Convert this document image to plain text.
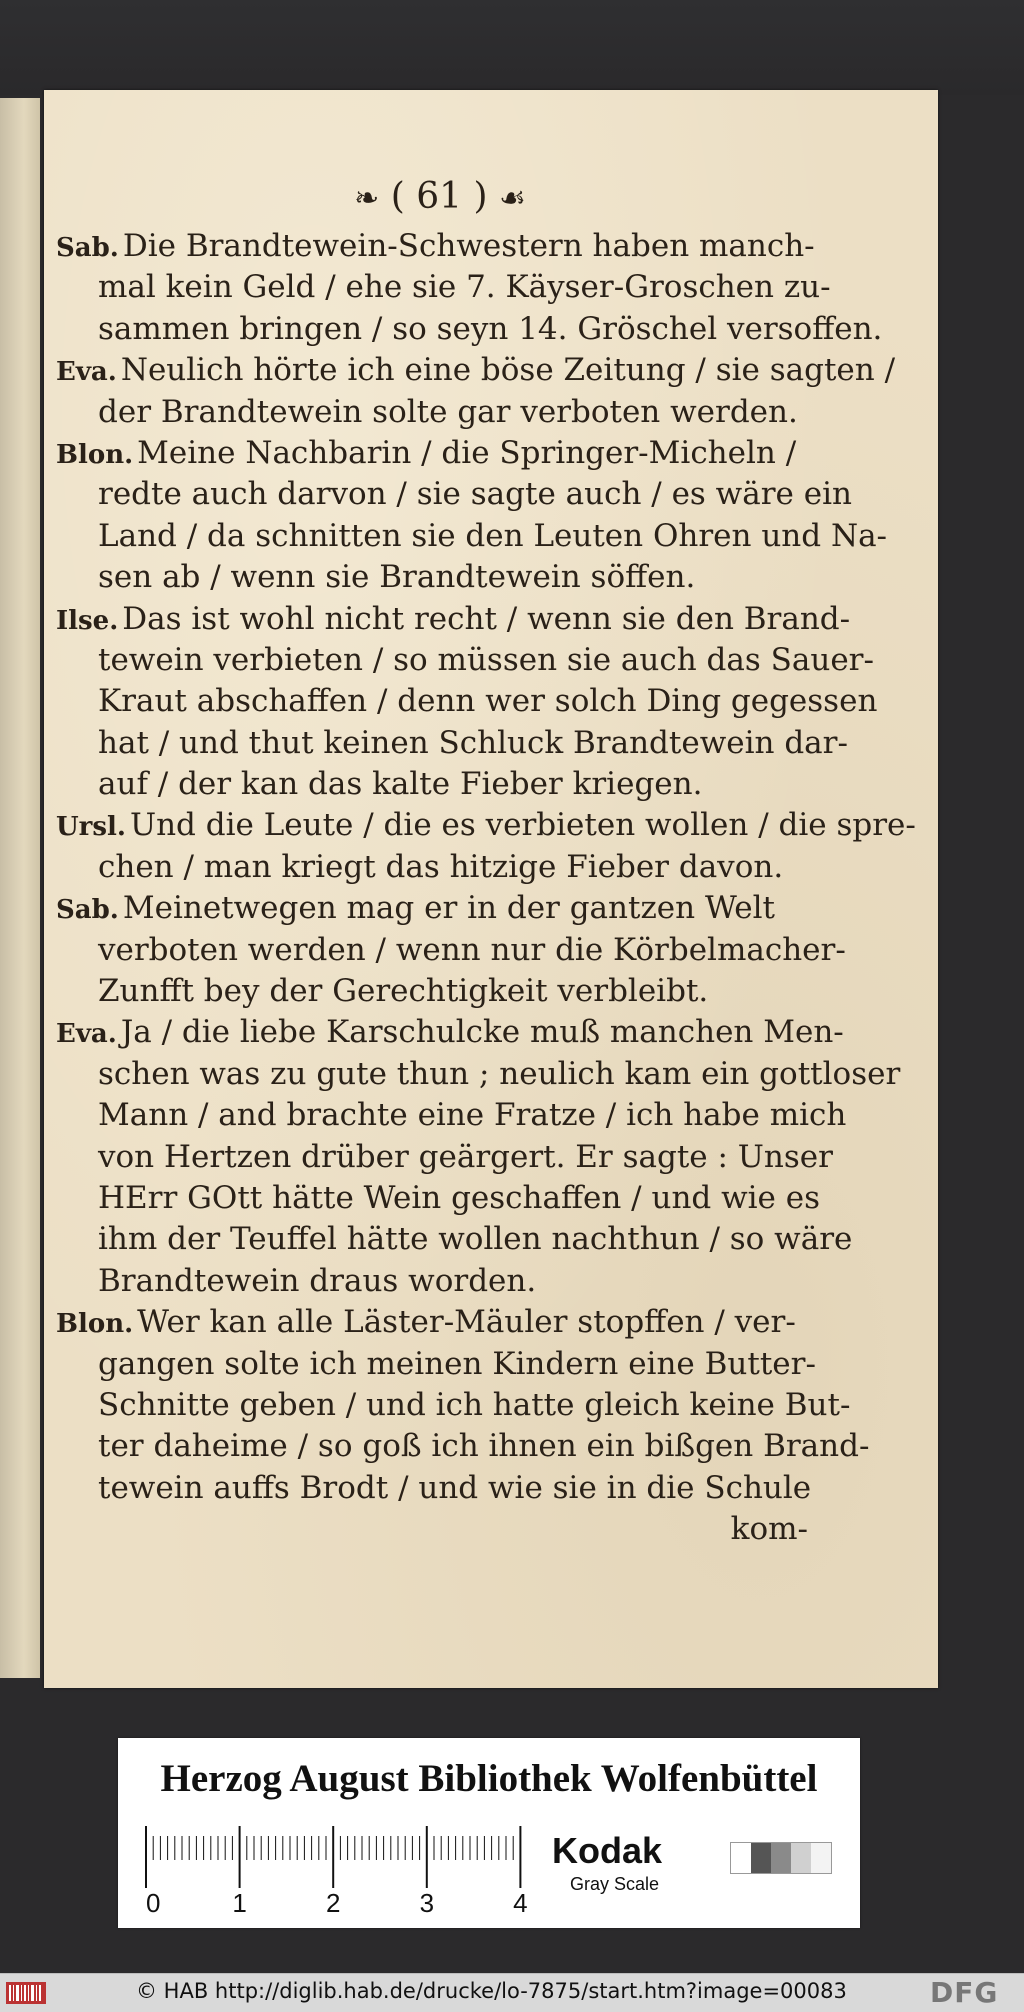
❧ ( 61 ) ☙
Sab. Die Brandtewein-Schwestern haben manch-
mal kein Geld / ehe sie 7. Käyser-Groschen zu-
sammen bringen / so seyn 14. Gröschel versoffen.
Eva. Neulich hörte ich eine böse Zeitung / sie sagten /
der Brandtewein solte gar verboten werden.
Blon. Meine Nachbarin / die Springer-Micheln /
redte auch darvon / sie sagte auch / es wäre ein
Land / da schnitten sie den Leuten Ohren und Na-
sen ab / wenn sie Brandtewein söffen.
Ilse. Das ist wohl nicht recht / wenn sie den Brand-
tewein verbieten / so müssen sie auch das Sauer-
Kraut abschaffen / denn wer solch Ding gegessen
hat / und thut keinen Schluck Brandtewein dar-
auf / der kan das kalte Fieber kriegen.
Ursl. Und die Leute / die es verbieten wollen / die spre-
chen / man kriegt das hitzige Fieber davon.
Sab. Meinetwegen mag er in der gantzen Welt
verboten werden / wenn nur die Körbelmacher-
Zunfft bey der Gerechtigkeit verbleibt.
Eva. Ja / die liebe Karschulcke muß manchen Men-
schen was zu gute thun ; neulich kam ein gottloser
Mann / and brachte eine Fratze / ich habe mich
von Hertzen drüber geärgert. Er sagte : Unser
HErr GOtt hätte Wein geschaffen / und wie es
ihm der Teuffel hätte wollen nachthun / so wäre
Brandtewein draus worden.
Blon. Wer kan alle Läster-Mäuler stopffen / ver-
gangen solte ich meinen Kindern eine Butter-
Schnitte geben / und ich hatte gleich keine But-
ter daheime / so goß ich ihnen ein bißgen Brand-
tewein auffs Brodt / und wie sie in die Schule
kom-
Herzog August Bibliothek Wolfenbüttel
0	1	2	3	4
Kodak
Gray Scale
© HAB http://diglib.hab.de/drucke/lo-7875/start.htm?image=00083	DFG
